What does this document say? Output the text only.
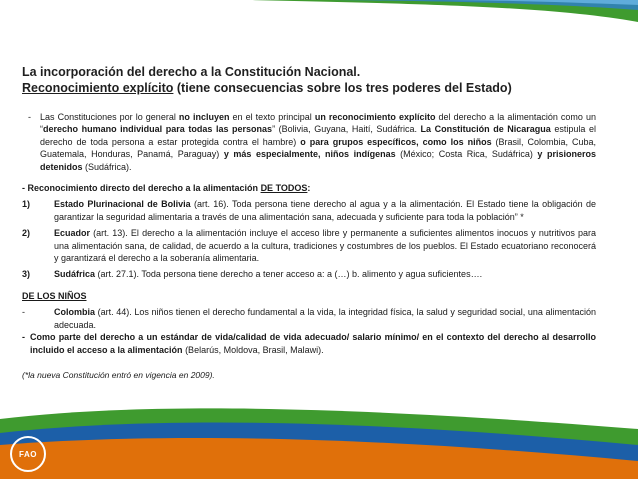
FAO
La incorporación del derecho a la Constitución Nacional.
Reconocimiento explícito (tiene consecuencias sobre los tres poderes del Estado)
-	Las Constituciones por lo general no incluyen en el texto principal un reconocimiento explícito del derecho a la alimentación como un “derecho humano individual para todas las personas” (Bolivia, Guyana, Haití, Sudáfrica. La Constitución de Nicaragua estipula el derecho de toda persona a estar protegida contra el hambre) o para grupos específicos, como los niños (Brasil, Colombia, Cuba, Guatemala, Honduras, Panamá, Paraguay) y más especialmente, niños indígenas (México; Costa Rica, Sudáfrica) y prisioneros detenidos (Sudáfrica).

- Reconocimiento directo del derecho a la alimentación DE TODOS:

1)	Estado Plurinacional de Bolivia (art. 16). Toda persona tiene derecho al agua y a la alimentación. El Estado tiene la obligación de garantizar la seguridad alimentaria a través de una alimentación sana, adecuada y suficiente para toda la población” *
2)	Ecuador (art. 13). El derecho a la alimentación incluye el acceso libre y permanente a suficientes alimentos inocuos y nutritivos para una alimentación sana, de calidad, de acuerdo a la cultura, tradiciones y costumbres de los pueblos. El Estado ecuatoriano reconocerá y garantizará el derecho a la soberanía alimentaria.
3)	Sudáfrica (art. 27.1). Toda persona tiene derecho a tener acceso a: a (…) b. alimento y agua suficientes….

DE LOS NIÑOS

-	Colombia (art. 44). Los niños tienen el derecho fundamental a la vida, la integridad física, la salud y seguridad social, una alimentación adecuada.
- Como parte del derecho a un estándar de vida/calidad de vida adecuado/ salario mínimo/ en el contexto del derecho al desarrollo incluido el acceso a la alimentación (Belarús, Moldova, Brasil, Malawi).

(*la nueva Constitución entró en vigencia en 2009).
